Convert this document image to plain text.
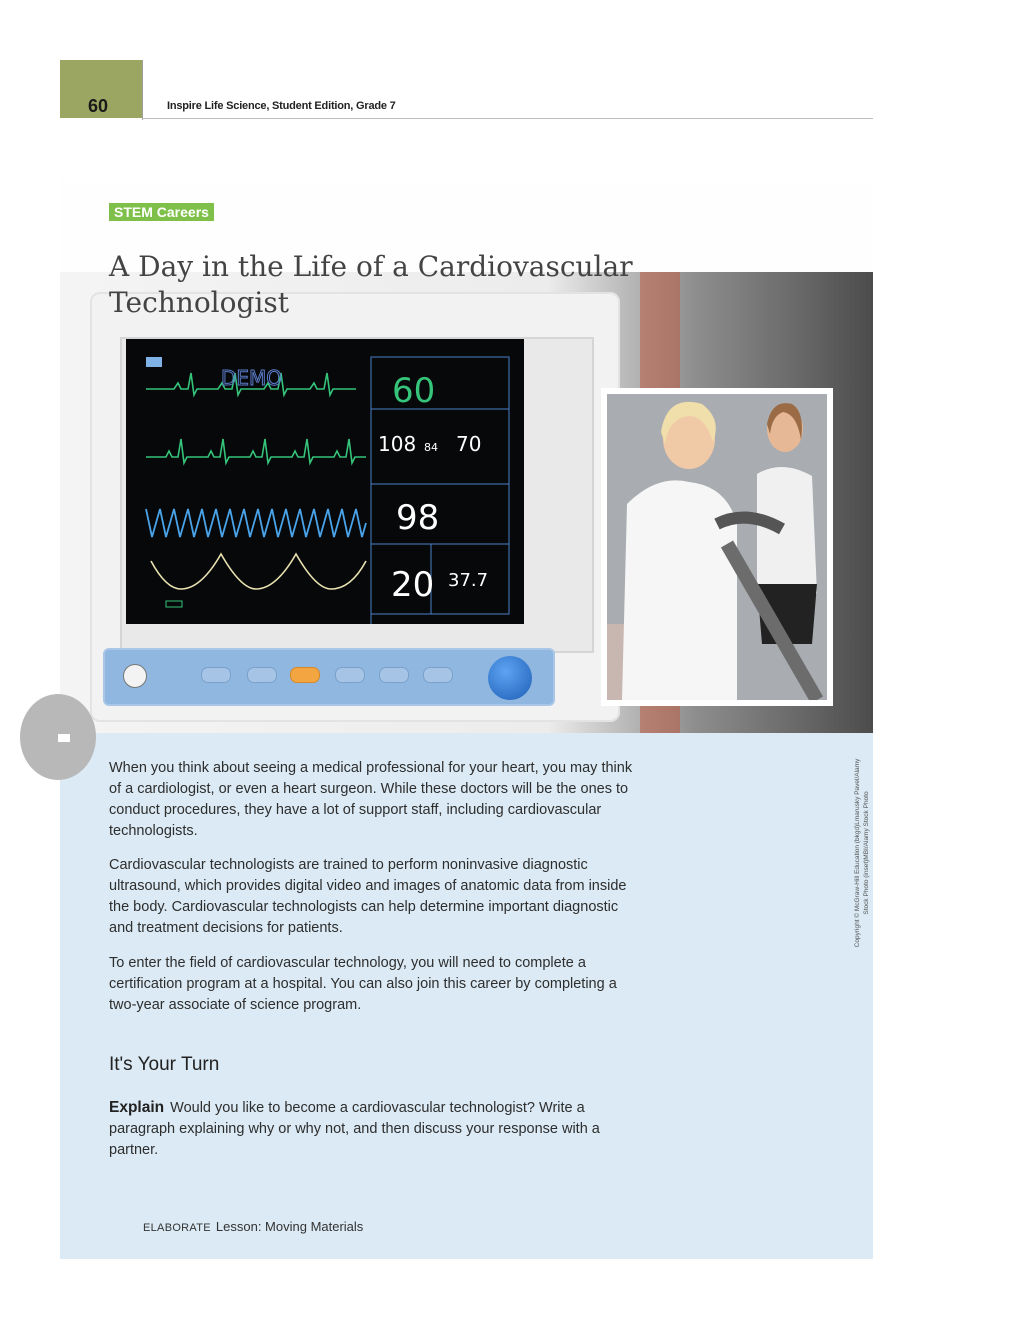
60	Inspire Life Science, Student Edition, Grade 7
DEMO	60
108 84 70
98
20 37.7
STEM Careers
A Day in the Life of a Cardiovascular Technologist

When you think about seeing a medical professional for your heart, you may think of a cardiologist, or even a heart surgeon. While these doctors will be the ones to conduct procedures, they have a lot of support staff, including cardiovascular technologists.

Cardiovascular technologists are trained to perform noninvasive diagnostic ultrasound, which provides digital video and images of anatomic data from inside the body. Cardiovascular technologists can help determine important diagnostic and treatment decisions for patients.

To enter the field of cardiovascular technology, you will need to complete a certification program at a hospital. You can also join this career by completing a two-year associate of science program.

It's Your Turn

Explain Would you like to become a cardiovascular technologist? Write a paragraph explaining why or why not, and then discuss your response with a partner.

ELABORATE Lesson: Moving Materials
Copyright © McGraw-Hill Education (bkgd)Lmarusky Pavel/Alamy Stock Photo (inset)MBI/Alamy Stock Photo
